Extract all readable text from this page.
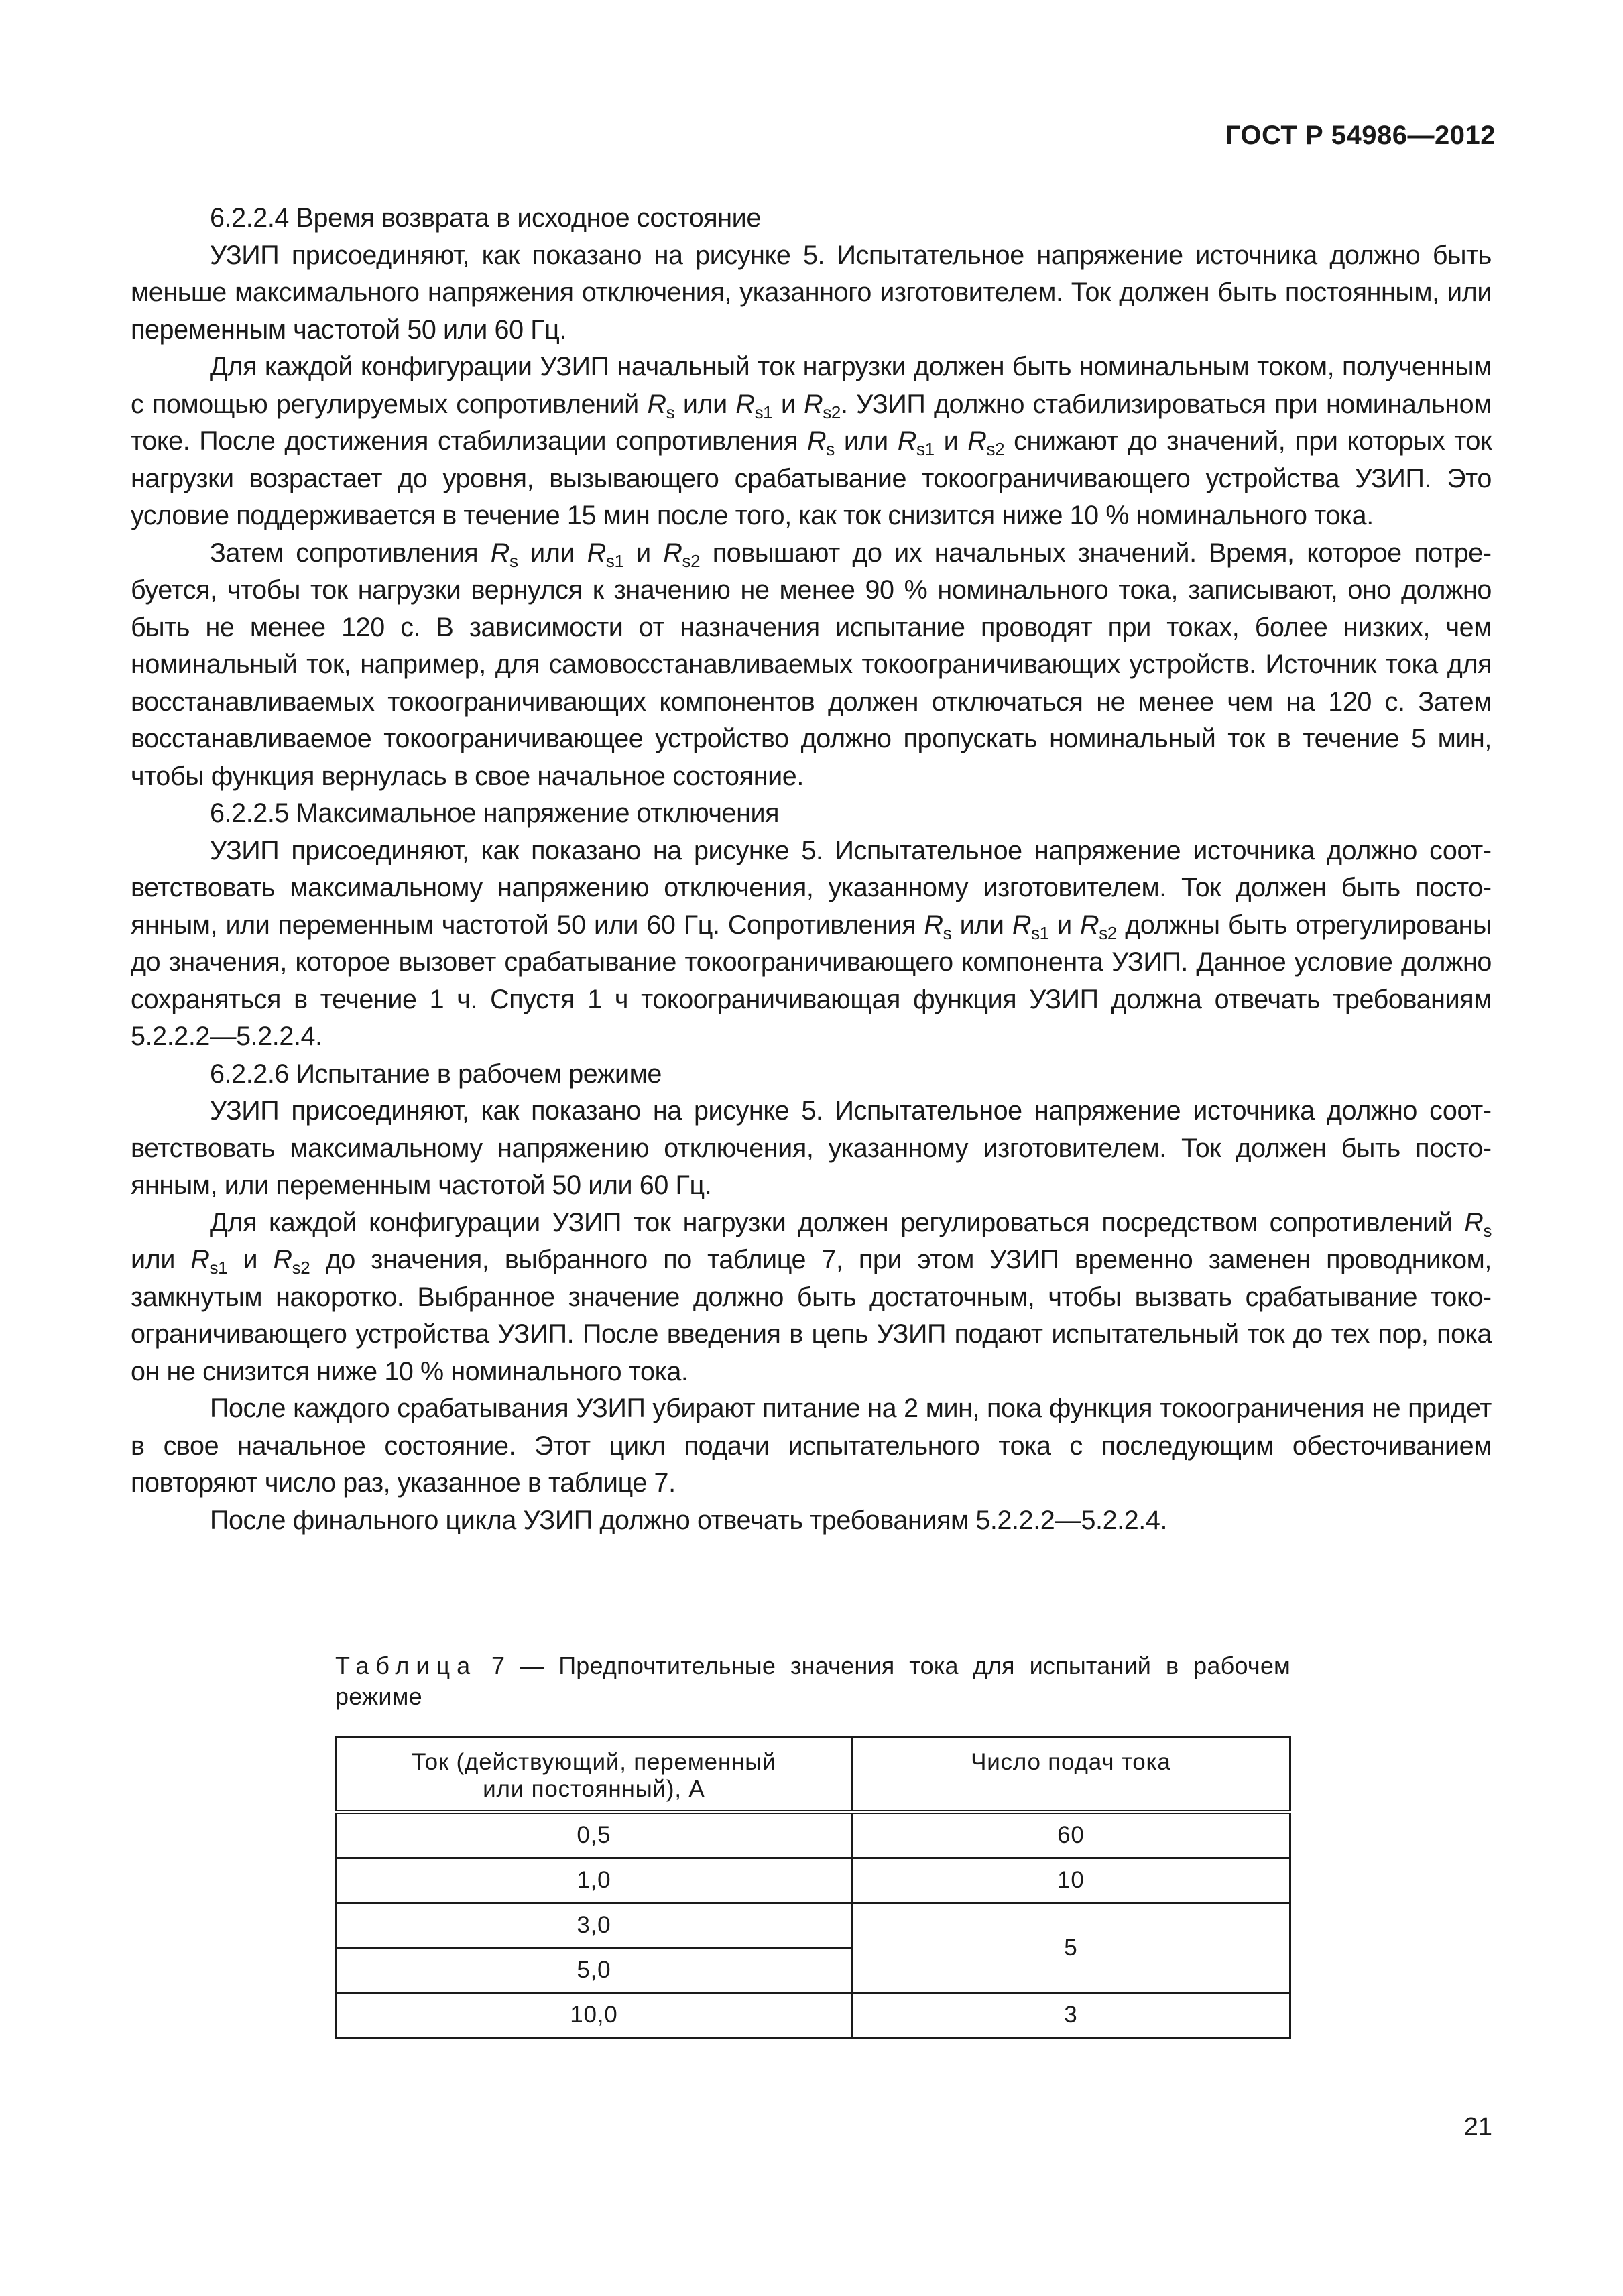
ГОСТ Р 54986—2012

6.2.2.4 Время возврата в исходное состояние

УЗИП присоединяют, как показано на рисунке 5. Испытательное напряжение источника должно быть меньше максимального напряжения отключения, указанного изготовителем. Ток должен быть постоянным, или переменным частотой 50 или 60 Гц.

Для каждой конфигурации УЗИП начальный ток нагрузки должен быть номинальным током, полученным с помощью регулируемых сопротивлений $R_s$ или $R_{s1}$ и $R_{s2}$. УЗИП должно стабилизироваться при номинальном токе. После достижения стабилизации сопротивления $R_s$ или $R_{s1}$ и $R_{s2}$ снижают до значений, при которых ток нагрузки возрастает до уровня, вызывающего срабатывание токоограничивающего устройства УЗИП. Это условие поддерживается в течение 15 мин после того, как ток снизится ниже 10 % номинального тока.

Затем сопротивления $R_s$ или $R_{s1}$ и $R_{s2}$ повышают до их начальных значений. Время, которое потребуется, чтобы ток нагрузки вернулся к значению не менее 90 % номинального тока, записывают, оно должно быть не менее 120 с. В зависимости от назначения испытание проводят при токах, более низких, чем номинальный ток, например, для самовосстанавливаемых токоограничивающих устройств. Источник тока для восстанавливаемых токоограничивающих компонентов должен отключаться не менее чем на 120 с. Затем восстанавливаемое токоограничивающее устройство должно пропускать номинальный ток в течение 5 мин, чтобы функция вернулась в свое начальное состояние.

6.2.2.5 Максимальное напряжение отключения

УЗИП присоединяют, как показано на рисунке 5. Испытательное напряжение источника должно соответствовать максимальному напряжению отключения, указанному изготовителем. Ток должен быть постоянным, или переменным частотой 50 или 60 Гц. Сопротивления $R_s$ или $R_{s1}$ и $R_{s2}$ должны быть отрегулированы до значения, которое вызовет срабатывание токоограничивающего компонента УЗИП. Данное условие должно сохраняться в течение 1 ч. Спустя 1 ч токоограничивающая функция УЗИП должна отвечать требованиям 5.2.2.2—5.2.2.4.

6.2.2.6 Испытание в рабочем режиме

УЗИП присоединяют, как показано на рисунке 5. Испытательное напряжение источника должно соответствовать максимальному напряжению отключения, указанному изготовителем. Ток должен быть постоянным, или переменным частотой 50 или 60 Гц.

Для каждой конфигурации УЗИП ток нагрузки должен регулироваться посредством сопротивлений $R_s$ или $R_{s1}$ и $R_{s2}$ до значения, выбранного по таблице 7, при этом УЗИП временно заменен проводником, замкнутым накоротко. Выбранное значение должно быть достаточным, чтобы вызвать срабатывание токоограничивающего устройства УЗИП. После введения в цепь УЗИП подают испытательный ток до тех пор, пока он не снизится ниже 10 % номинального тока.

После каждого срабатывания УЗИП убирают питание на 2 мин, пока функция токоограничения не придет в свое начальное состояние. Этот цикл подачи испытательного тока с последующим обесточиванием повторяют число раз, указанное в таблице 7.

После финального цикла УЗИП должно отвечать требованиям 5.2.2.2—5.2.2.4.

Таблица 7 — Предпочтительные значения тока для испытаний в рабочем режиме
Ток (действующий, переменный
или постоянный), А	Число подач тока
0,5	60
1,0	10
3,0	5
5,0	
10,0	3
21
